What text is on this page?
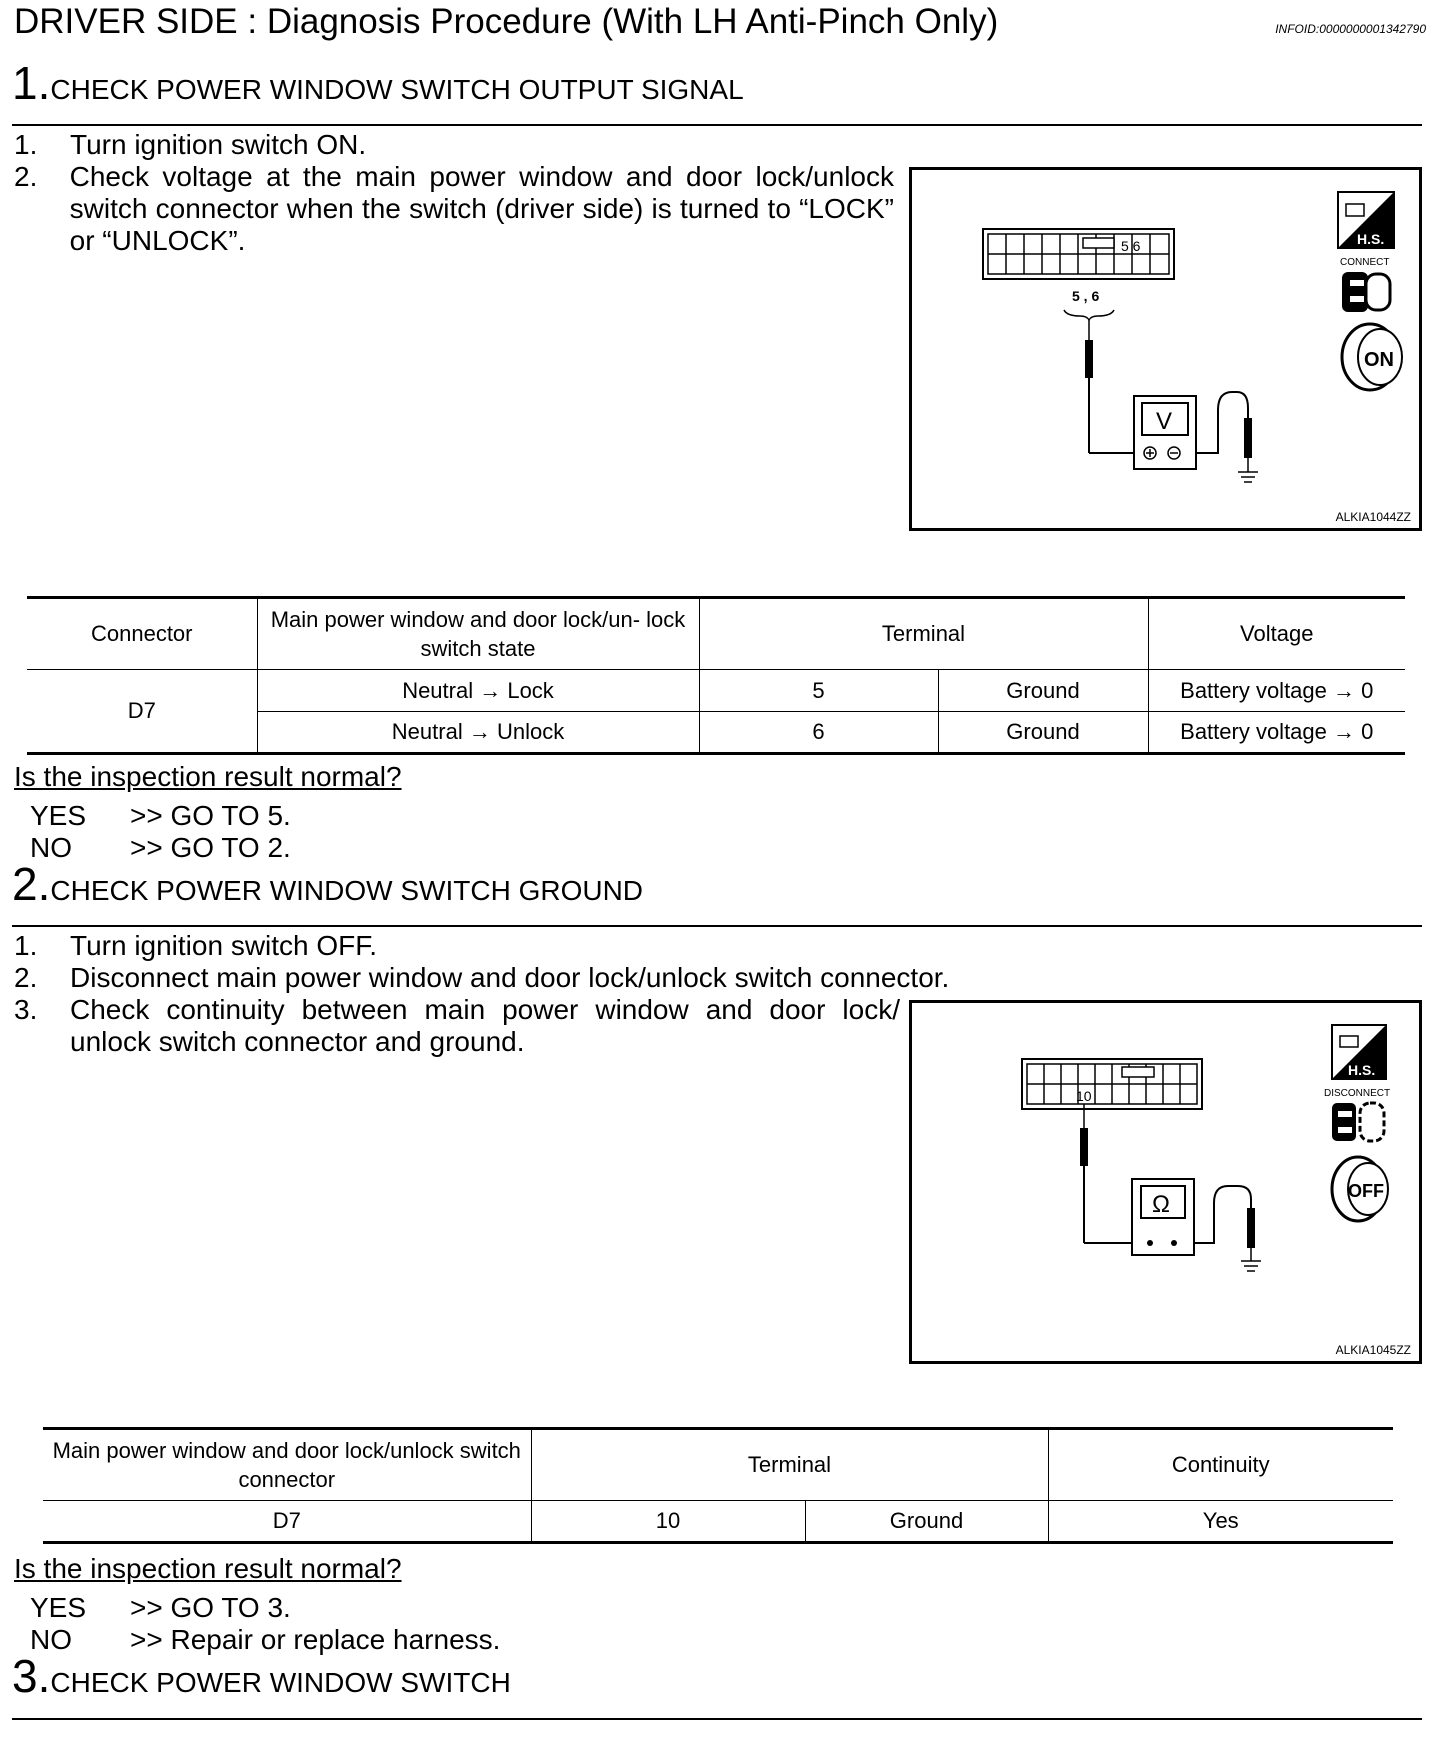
DRIVER SIDE : Diagnosis Procedure (With LH Anti-Pinch Only)	INFOID:0000000001342790
1.CHECK POWER WINDOW SWITCH OUTPUT SIGNAL
1.	Turn ignition switch ON.
2.	Check voltage at the main power window and door lock/unlock switch connector when the switch (driver side) is turned to “LOCK” or “UNLOCK”.	5 6
5 , 6
V
H.S.
CONNECT
ON
ALKIA1044ZZ
Connector	Main power window and door lock/un- lock switch state	Terminal		Voltage
D7	Neutral → Lock	5	Ground	Battery voltage → 0
	Neutral → Unlock	6	Ground	Battery voltage → 0
Is the inspection result normal?
YES >> GO TO 5.
NO >> GO TO 2.
2.CHECK POWER WINDOW SWITCH GROUND
1.	Turn ignition switch OFF.
2.	Disconnect main power window and door lock/unlock switch connector.
3.	Check continuity between main power window and door lock/ unlock switch connector and ground.
10
Ω
H.S.
DISCONNECT
OFF
ALKIA1045ZZ
Main power window and door lock/unlock switch connector	Terminal		Continuity
D7	10	Ground	Yes
Is the inspection result normal?
YES >> GO TO 3.
NO >> Repair or replace harness.
3.CHECK POWER WINDOW SWITCH
